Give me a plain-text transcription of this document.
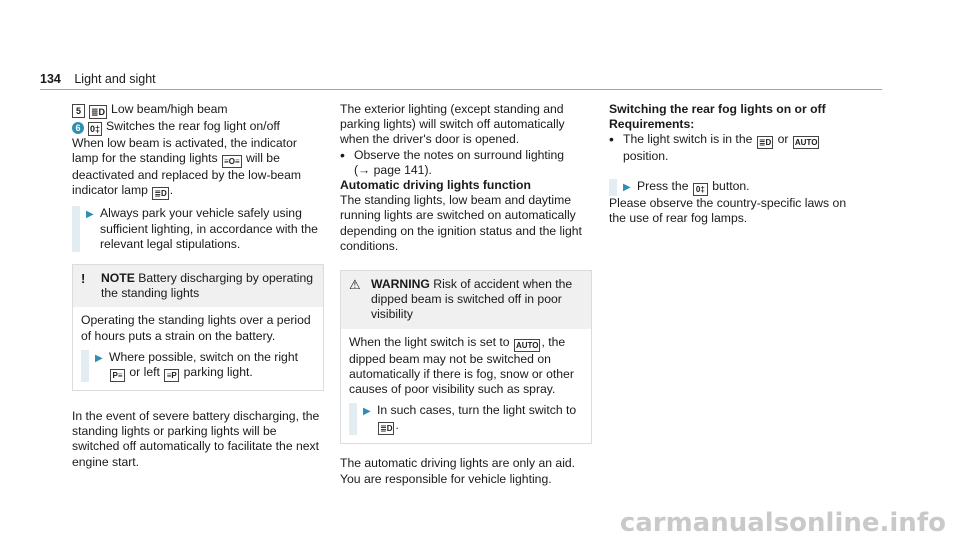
134 Light and sight

5 ≣D Low beam/high beam

6 0‡ Switches the rear fog light on/off

When low beam is activated, the indicator lamp for the standing lights ≡O≡ will be deactivated and replaced by the low-beam indicator lamp ≣D .

▶ Always park your vehicle safely using sufficient lighting, in accordance with the relevant legal stipulations.
!	NOTE Battery discharging by operating the standing lights

Operating the standing lights over a period of hours puts a strain on the battery.

▶ Where possible, switch on the right P≡ or left ≡P parking light.

In the event of severe battery discharging, the standing lights or parking lights will be switched off automatically to facilitate the next engine start.

The exterior lighting (except standing and parking lights) will switch off automatically when the driver's door is opened.

• Observe the notes on surround lighting
(→ page 141).

Automatic driving lights function

The standing lights, low beam and daytime running lights are switched on automatically depending on the ignition status and the light conditions.

⚠ WARNING Risk of accident when the dipped beam is switched off in poor visibility

When the light switch is set to AUTO , the dipped beam may not be switched on automatically if there is fog, snow or other causes of poor visibility such as spray.

▶ In such cases, turn the light switch to
≣D .

The automatic driving lights are only an aid. You are responsible for vehicle lighting.

Switching the rear fog lights on or off

Requirements:

• The light switch is in the ≣D or AUTO position.
▶ Press the 0‡ button.

Please observe the country-specific laws on the use of rear fog lamps.

carmanualsonline.info
